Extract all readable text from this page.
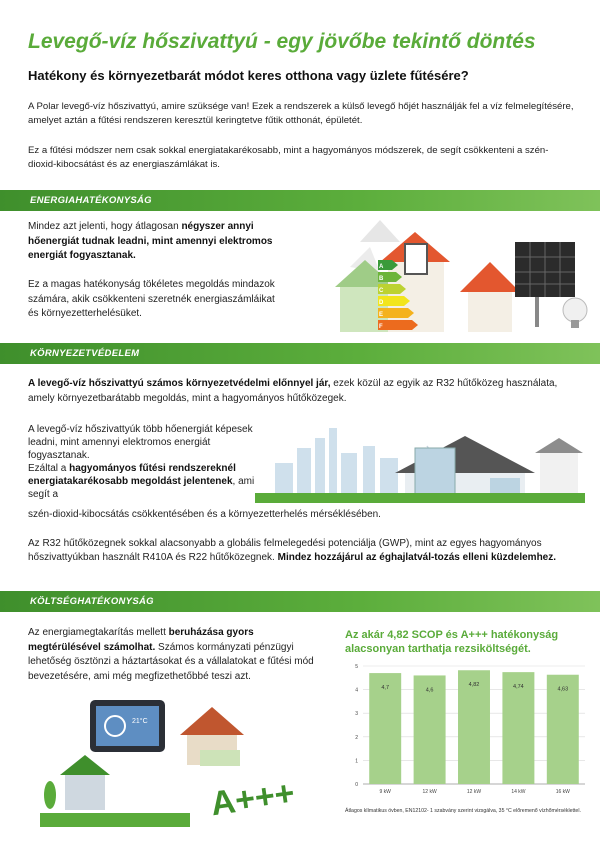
Levegő-víz hőszivattyú - egy jövőbe tekintő döntés
Hatékony és környezetbarát módot keres otthona vagy üzlete fűtésére?
A Polar levegő-víz hőszivattyú, amire szüksége van! Ezek a rendszerek a külső levegő hőjét használják fel a víz felmelegítésére, amelyet aztán a fűtési rendszeren keresztül keringtetve fűtik otthonát, épületét.
Ez a fűtési módszer nem csak sokkal energiatakarékosabb, mint a hagyományos módszerek, de segít csökkenteni a szén-dioxid-kibocsátást és az energiaszámlákat is.
ENERGIAHATÉKONYSÁG
Mindez azt jelenti, hogy átlagosan négyszer annyi hőenergiát tudnak leadni, mint amennyi elektromos energiát fogyasztanak.
Ez a magas hatékonyság tökéletes megoldás mindazok számára, akik csökkenteni szeretnék energiaszámláikat és környezetterhelésüket.
A
B
C
D
E
F
KÖRNYEZETVÉDELEM
A levegő-víz hőszivattyú számos környezetvédelmi előnnyel jár, ezek közül az egyik az R32 hűtőközeg használata, amely környezetbarátabb megoldás, mint a hagyományos hűtőközegek.
A levegő-víz hőszivattyúk több hőenergiát képesek leadni, mint amennyi elektromos energiát fogyasztanak.
Ezáltal a hagyományos fűtési rendszereknél energiatakarékosabb megoldást jelentenek, ami segít a
szén-dioxid-kibocsátás csökkentésében és a környezetterhelés mérséklésében.
Az R32 hűtőközegnek sokkal alacsonyabb a globális felmelegedési potenciálja (GWP), mint az egyes hagyományos hőszivattyúkban használt R410A és R22 hűtőközegnek. Mindez hozzájárul az éghajlatvál-tozás elleni küzdelemhez.
KÖLTSÉGHATÉKONYSÁG
Az energiamegtakarítás mellett beruházása gyors megtérülésével számolhat. Számos kormányzati pénzügyi lehetőség ösztönzi a háztartásokat és a vállalatokat e fűtési mód bevezetésére, ami még megfizethetőbbé teszi azt.
21°C
A+++
Az akár 4,82 SCOP és A+++ hatékonyság alacsonyan tarthatja rezsiköltségét.
0
1
2
3
4
5
4,7
9 kW
4,6
12 kW
4,82
12 kW
4,74
14 kW
4,63
16 kW
Átlagos klímatikus övben, EN12102- 1 szabvány szerint vizsgálva, 35 °C előremenő vízhőmérséklettel.
